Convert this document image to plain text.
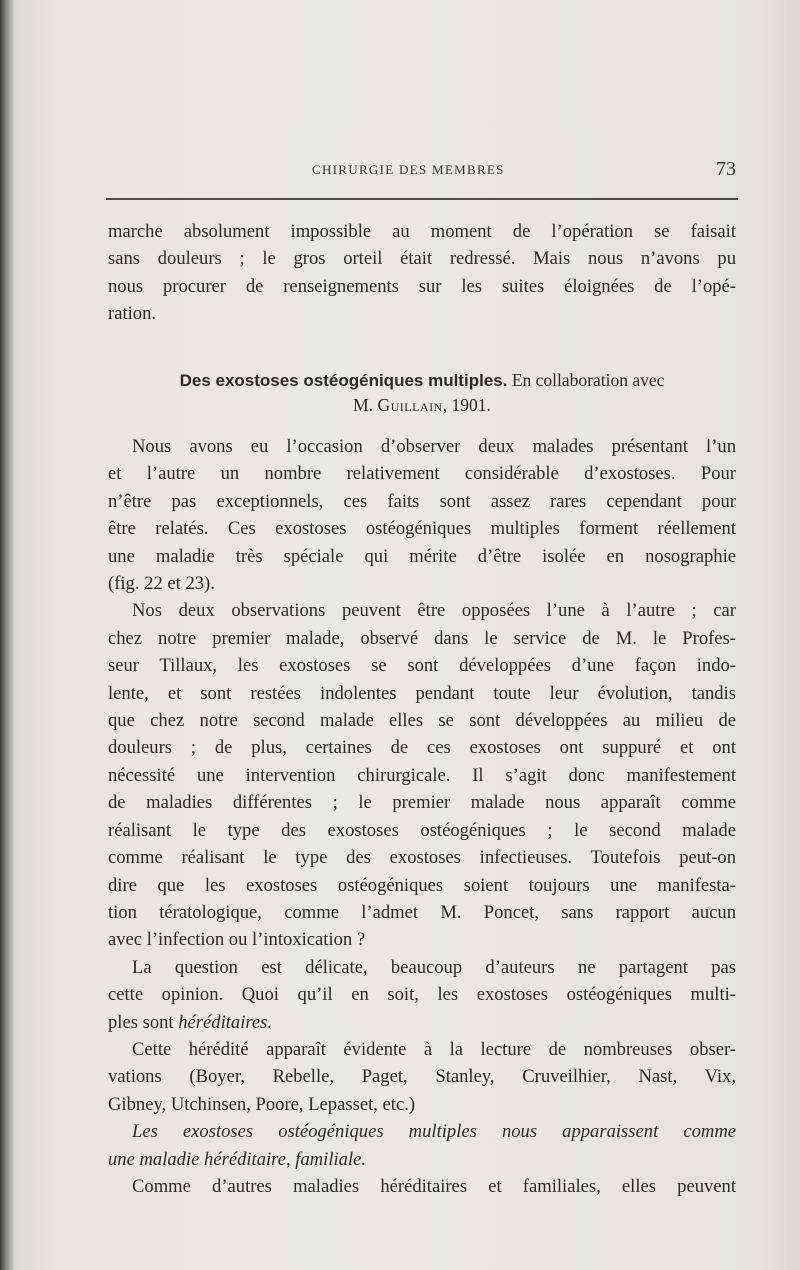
CHIRURGIE DES MEMBRES	73
marche absolument impossible au moment de l’opération se faisait
sans douleurs ; le gros orteil était redressé. Mais nous n’avons pu
nous procurer de renseignements sur les suites éloignées de l’opé-
ration.
Des exostoses ostéogéniques multiples. En collaboration avec
M. Guillain, 1901.
Nous avons eu l’occasion d’observer deux malades présentant l’un
et l’autre un nombre relativement considérable d’exostoses. Pour
n’être pas exceptionnels, ces faits sont assez rares cependant pour
être relatés. Ces exostoses ostéogéniques multiples forment réellement
une maladie très spéciale qui mérite d’être isolée en nosographie
(fig. 22 et 23).
Nos deux observations peuvent être opposées l’une à l’autre ; car
chez notre premier malade, observé dans le service de M. le Profes-
seur Tillaux, les exostoses se sont développées d’une façon indo-
lente, et sont restées indolentes pendant toute leur évolution, tandis
que chez notre second malade elles se sont développées au milieu de
douleurs ; de plus, certaines de ces exostoses ont suppuré et ont
nécessité une intervention chirurgicale. Il s’agit donc manifestement
de maladies différentes ; le premier malade nous apparaît comme
réalisant le type des exostoses ostéogéniques ; le second malade
comme réalisant le type des exostoses infectieuses. Toutefois peut-on
dire que les exostoses ostéogéniques soient toujours une manifesta-
tion tératologique, comme l’admet M. Poncet, sans rapport aucun
avec l’infection ou l’intoxication ?
La question est délicate, beaucoup d’auteurs ne partagent pas
cette opinion. Quoi qu’il en soit, les exostoses ostéogéniques multi-
ples sont héréditaires.
Cette hérédité apparaît évidente à la lecture de nombreuses obser-
vations (Boyer, Rebelle, Paget, Stanley, Cruveilhier, Nast, Vix,
Gibney, Utchinsen, Poore, Lepasset, etc.)
Les exostoses ostéogéniques multiples nous apparaissent comme
une maladie héréditaire, familiale.
Comme d’autres maladies héréditaires et familiales, elles peuvent
